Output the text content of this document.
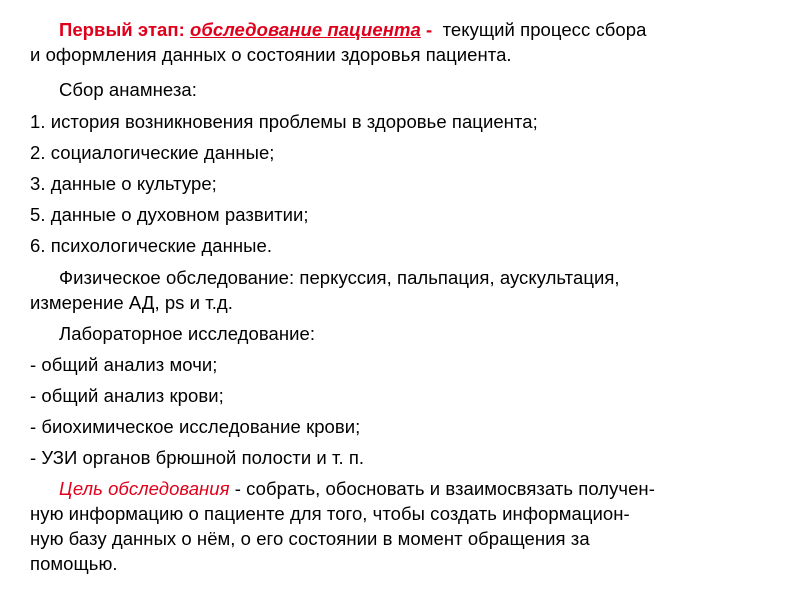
Первый этап: обследование пациента -  текущий процесс сбора
и оформления данных о состоянии здоровья пациента.
Сбор анамнеза:
1. история возникновения проблемы в здоровье пациента;
2. социалогические данные;
3. данные о культуре;
5. данные о духовном развитии;
6. психологические данные.
Физическое обследование: перкуссия, пальпация, аускультация,
измерение АД, ps и т.д.
Лабораторное исследование:
- общий анализ мочи;
- общий анализ крови;
- биохимическое исследование крови;
- УЗИ органов брюшной полости и т. п.
Цель обследования - собрать, обосновать и взаимосвязать получен-
ную информацию о пациенте для того, чтобы создать информацион-
ную базу данных о нём, о его состоянии в момент обращения за
помощью.
